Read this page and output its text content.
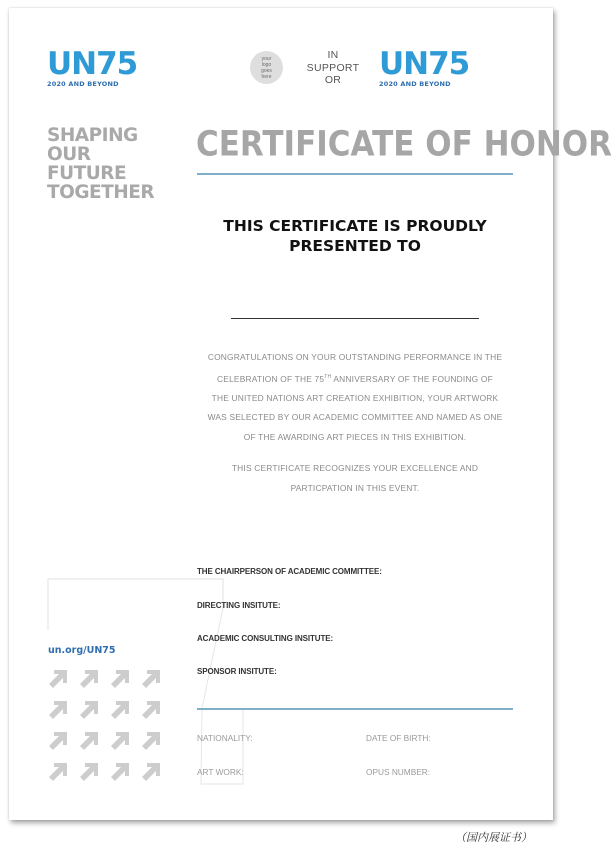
UN75
2020 AND BEYOND
your
logo
goes
here
IN
SUPPORT
OR	UN75
2020 AND BEYOND
SHAPING
OUR
FUTURE
TOGETHER
CERTIFICATE OF HONOR
THIS CERTIFICATE IS PROUDLY
PRESENTED TO
CONGRATULATIONS ON YOUR OUTSTANDING PERFORMANCE IN THE
CELEBRATION OF THE 75TH ANNIVERSARY OF THE FOUNDING OF
THE UNITED NATIONS ART CREATION EXHIBITION, YOUR ARTWORK
WAS SELECTED BY OUR ACADEMIC COMMITTEE AND NAMED AS ONE
OF THE AWARDING ART PIECES IN THIS EXHIBITION.
THIS CERTIFICATE RECOGNIZES YOUR EXCELLENCE AND
PARTICPATION IN THIS EVENT.
THE CHAIRPERSON OF ACADEMIC COMMITTEE:
DIRECTING INSITUTE:
ACADEMIC CONSULTING INSITUTE:
SPONSOR INSITUTE:
NATIONALITY:	DATE OF BIRTH:
ART WORK:	OPUS NUMBER:
un.org/UN75
（国内展证书）
